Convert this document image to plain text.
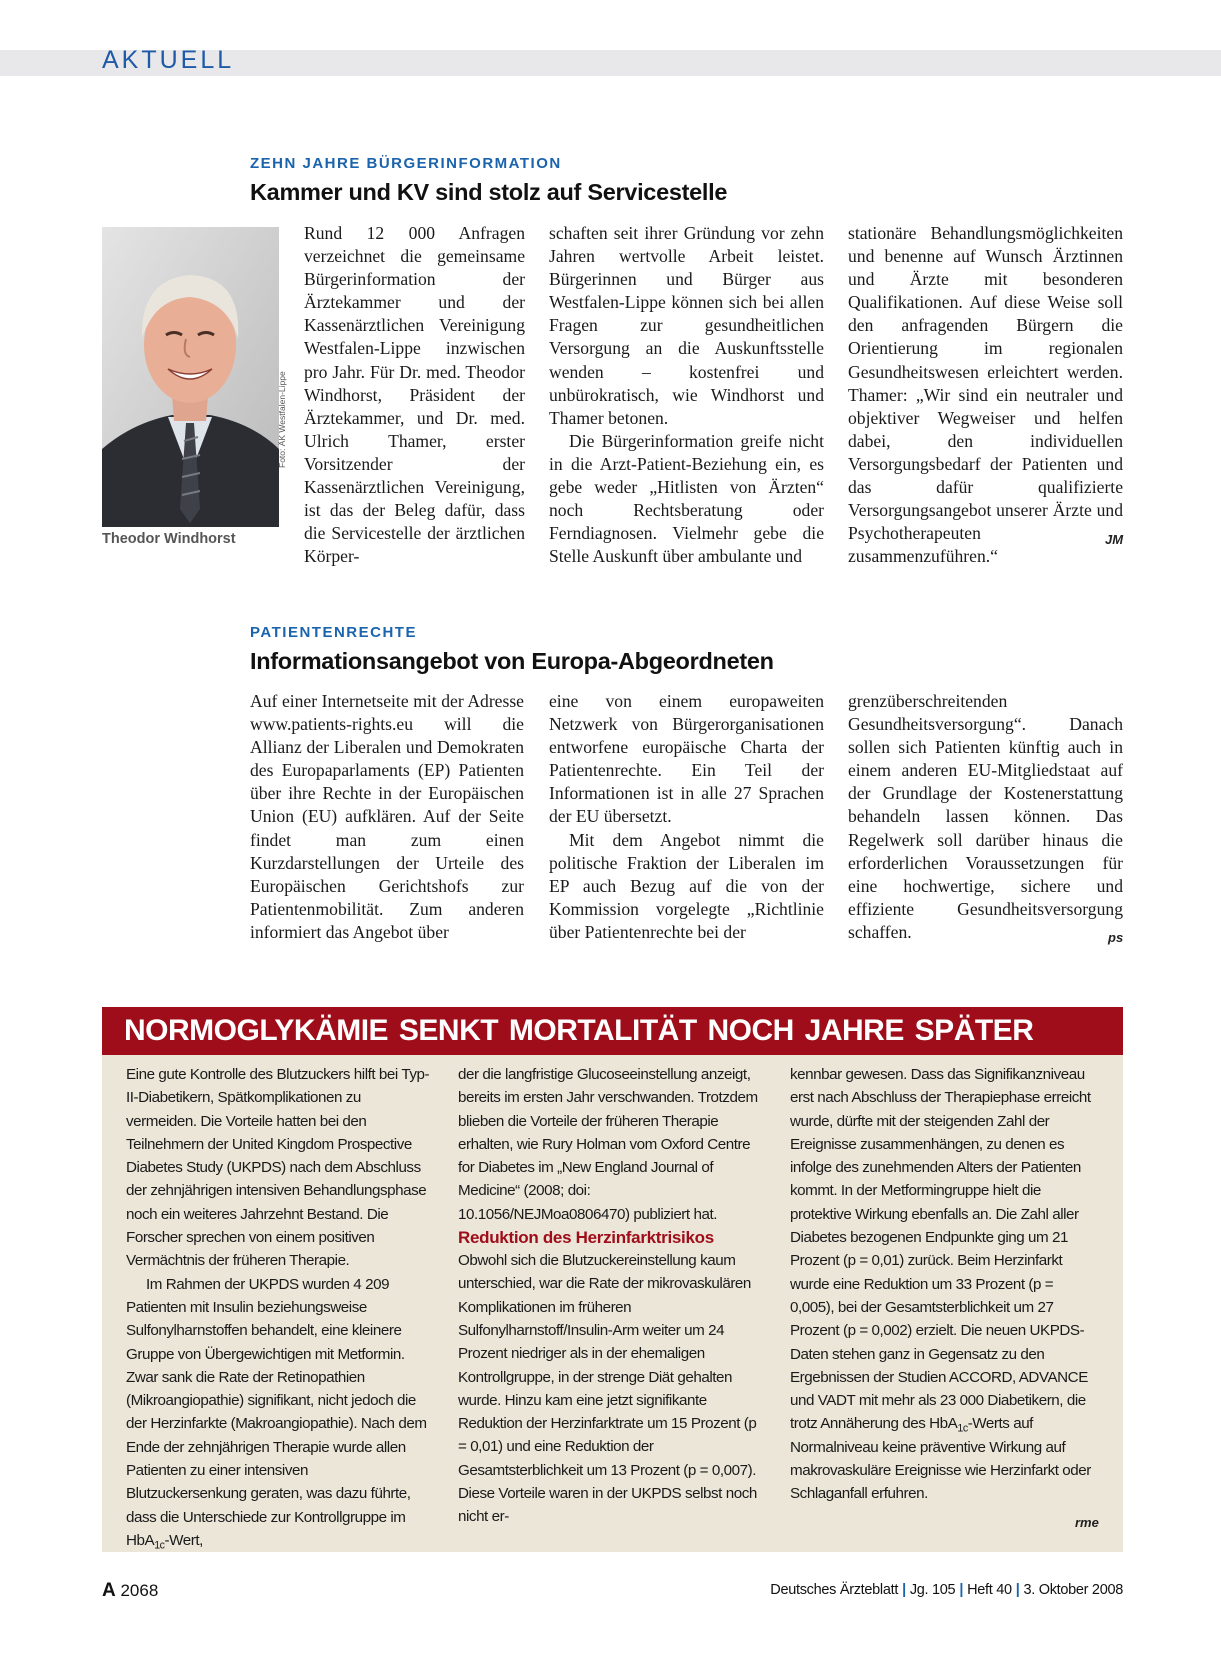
AKTUELL
ZEHN JAHRE BÜRGERINFORMATION
Kammer und KV sind stolz auf Servicestelle
Foto: ÄK Westfalen-Lippe
Theodor Windhorst

Rund 12 000 Anfragen verzeichnet die gemeinsame Bürgerinformation der Ärztekammer und der Kassenärztlichen Vereinigung Westfalen-Lippe inzwischen pro Jahr. Für Dr. med. Theodor Windhorst, Präsident der Ärztekammer, und Dr. med. Ulrich Thamer, erster Vorsitzender der Kassenärztlichen Vereinigung, ist das der Beleg dafür, dass die Servicestelle der ärztlichen Körper-

schaften seit ihrer Gründung vor zehn Jahren wertvolle Arbeit leistet. Bürgerinnen und Bürger aus Westfalen-Lippe können sich bei allen Fragen zur gesundheitlichen Versorgung an die Auskunftsstelle wenden – kostenfrei und unbürokratisch, wie Windhorst und Thamer betonen.

Die Bürgerinformation greife nicht in die Arzt-Patient-Beziehung ein, es gebe weder „Hitlisten von Ärzten“ noch Rechtsberatung oder Ferndiagnosen. Vielmehr gebe die Stelle Auskunft über ambulante und

stationäre Behandlungsmöglichkeiten und benenne auf Wunsch Ärztinnen und Ärzte mit besonderen Qualifikationen. Auf diese Weise soll den anfragenden Bürgern die Orientierung im regionalen Gesundheitswesen erleichtert werden. Thamer: „Wir sind ein neutraler und objektiver Wegweiser und helfen dabei, den individuellen Versorgungsbedarf der Patienten und das dafür qualifizierte Versorgungsangebot unserer Ärzte und Psychotherapeuten zusammenzuführen.“

JM
PATIENTENRECHTE
Informationsangebot von Europa-Abgeordneten

Auf einer Internetseite mit der Adresse www.patients-rights.eu will die Allianz der Liberalen und Demokraten des Europaparlaments (EP) Patienten über ihre Rechte in der Europäischen Union (EU) aufklären. Auf der Seite findet man zum einen Kurzdarstellungen der Urteile des Europäischen Gerichtshofs zur Patientenmobilität. Zum anderen informiert das Angebot über

eine von einem europaweiten Netzwerk von Bürgerorganisationen entworfene europäische Charta der Patientenrechte. Ein Teil der Informationen ist in alle 27 Sprachen der EU übersetzt.

Mit dem Angebot nimmt die politische Fraktion der Liberalen im EP auch Bezug auf die von der Kommission vorgelegte „Richtlinie über Patientenrechte bei der

grenzüberschreitenden Gesundheitsversorgung“. Danach sollen sich Patienten künftig auch in einem anderen EU-Mitgliedstaat auf der Grundlage der Kostenerstattung behandeln lassen können. Das Regelwerk soll darüber hinaus die erforderlichen Voraussetzungen für eine hochwertige, sichere und effiziente Gesundheitsversorgung schaffen.	ps
NORMOGLYKÄMIE SENKT MORTALITÄT NOCH JAHRE SPÄTER

Eine gute Kontrolle des Blutzuckers hilft bei Typ-II-Diabetikern, Spätkomplikationen zu vermeiden. Die Vorteile hatten bei den Teilnehmern der United Kingdom Prospective Diabetes Study (UKPDS) nach dem Abschluss der zehnjährigen intensiven Behandlungsphase noch ein weiteres Jahrzehnt Bestand. Die Forscher sprechen von einem positiven Vermächtnis der früheren Therapie.

Im Rahmen der UKPDS wurden 4 209 Patienten mit Insulin beziehungsweise Sulfonylharnstoffen behandelt, eine kleinere Gruppe von Übergewichtigen mit Metformin. Zwar sank die Rate der Retinopathien (Mikroangiopathie) signifikant, nicht jedoch die der Herzinfarkte (Makroangiopathie). Nach dem Ende der zehnjährigen Therapie wurde allen Patienten zu einer intensiven Blutzuckersenkung geraten, was dazu führte, dass die Unterschiede zur Kontrollgruppe im HbA$_{1c}$-Wert,

der die langfristige Glucoseeinstellung anzeigt, bereits im ersten Jahr verschwanden. Trotzdem blieben die Vorteile der früheren Therapie erhalten, wie Rury Holman vom Oxford Centre for Diabetes im „New England Journal of Medicine“ (2008; doi: 10.1056/NEJMoa0806470) publiziert hat.

Reduktion des Herzinfarktrisikos

Obwohl sich die Blutzuckereinstellung kaum unterschied, war die Rate der mikrovaskulären Komplikationen im früheren Sulfonylharnstoff/Insulin-Arm weiter um 24 Prozent niedriger als in der ehemaligen Kontrollgruppe, in der strenge Diät gehalten wurde. Hinzu kam eine jetzt signifikante Reduktion der Herzinfarktrate um 15 Prozent (p = 0,01) und eine Reduktion der Gesamtsterblichkeit um 13 Prozent (p = 0,007). Diese Vorteile waren in der UKPDS selbst noch nicht er-

kennbar gewesen. Dass das Signifikanzniveau erst nach Abschluss der Therapiephase erreicht wurde, dürfte mit der steigenden Zahl der Ereignisse zusammenhängen, zu denen es infolge des zunehmenden Alters der Patienten kommt. In der Metformingruppe hielt die protektive Wirkung ebenfalls an. Die Zahl aller Diabetes bezogenen Endpunkte ging um 21 Prozent (p = 0,01) zurück. Beim Herzinfarkt wurde eine Reduktion um 33 Prozent (p = 0,005), bei der Gesamtsterblichkeit um 27 Prozent (p = 0,002) erzielt. Die neuen UKPDS-Daten stehen ganz in Gegensatz zu den Ergebnissen der Studien ACCORD, ADVANCE und VADT mit mehr als 23 000 Diabetikern, die trotz Annäherung des HbA$_{1c}$-Werts auf Normalniveau keine präventive Wirkung auf makrovaskuläre Ereignisse wie Herzinfarkt oder Schlaganfall erfuhren.

rme
A 2068	Deutsches Ärzteblatt | Jg. 105 | Heft 40 | 3. Oktober 2008
